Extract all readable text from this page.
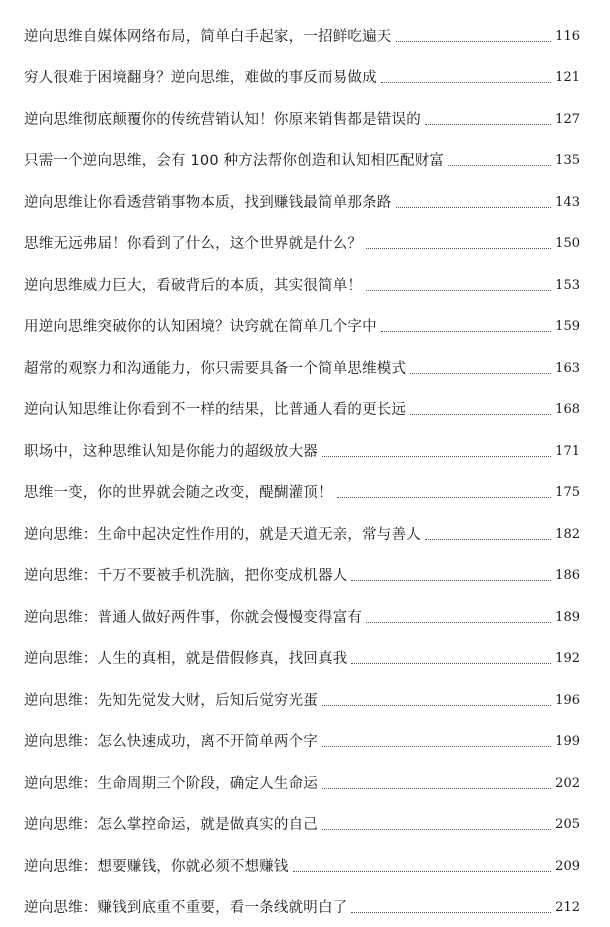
逆向思维自媒体网络布局，简单白手起家，一招鲜吃遍天	116
穷人很难于困境翻身？逆向思维，难做的事反而易做成	121
逆向思维彻底颠覆你的传统营销认知！你原来销售都是错误的	127
只需一个逆向思维，会有 100 种方法帮你创造和认知相匹配财富	135
逆向思维让你看透营销事物本质，找到赚钱最简单那条路	143
思维无远弗届！你看到了什么，这个世界就是什么？	150
逆向思维威力巨大，看破背后的本质，其实很简单！	153
用逆向思维突破你的认知困境？诀窍就在简单几个字中	159
超常的观察力和沟通能力，你只需要具备一个简单思维模式	163
逆向认知思维让你看到不一样的结果，比普通人看的更长远	168
职场中，这种思维认知是你能力的超级放大器	171
思维一变，你的世界就会随之改变，醍醐灌顶！	175
逆向思维：生命中起决定性作用的，就是天道无亲，常与善人	182
逆向思维：千万不要被手机洗脑，把你变成机器人	186
逆向思维：普通人做好两件事，你就会慢慢变得富有	189
逆向思维：人生的真相，就是借假修真，找回真我	192
逆向思维：先知先觉发大财，后知后觉穷光蛋	196
逆向思维：怎么快速成功，离不开简单两个字	199
逆向思维：生命周期三个阶段，确定人生命运	202
逆向思维：怎么掌控命运，就是做真实的自己	205
逆向思维：想要赚钱，你就必须不想赚钱	209
逆向思维：赚钱到底重不重要，看一条线就明白了	212
